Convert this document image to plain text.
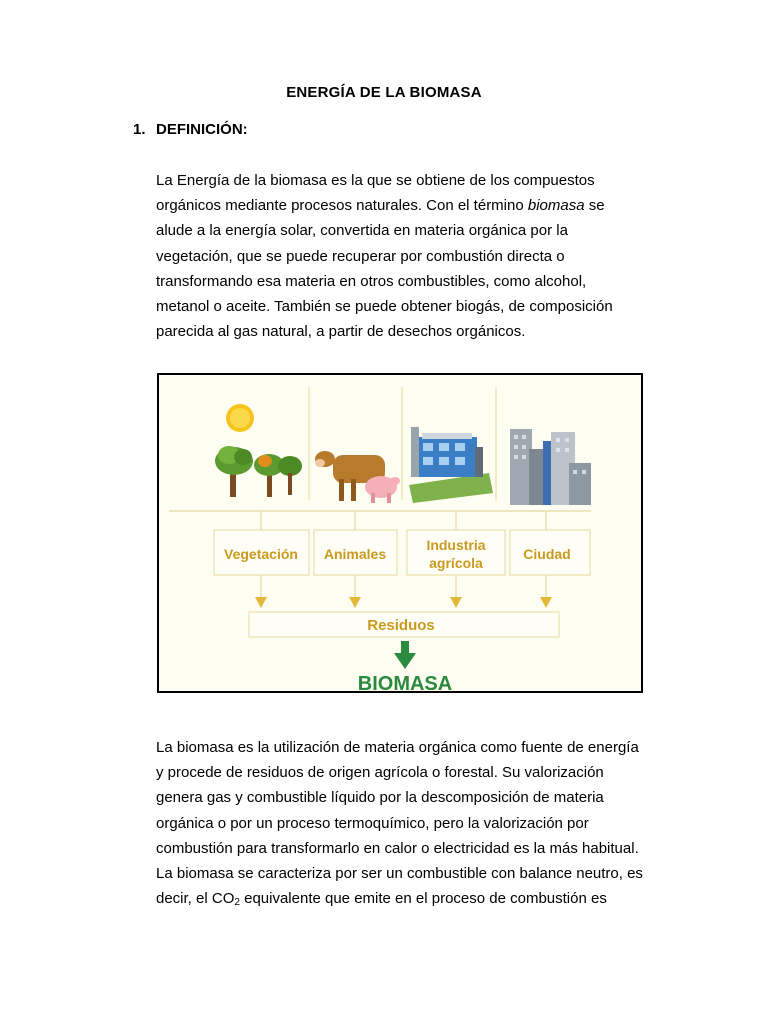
ENERGÍA DE LA BIOMASA
1. DEFINICIÓN:
La Energía de la biomasa es la que se obtiene de los compuestos
orgánicos mediante procesos naturales. Con el término biomasa se
alude a la energía solar, convertida en materia orgánica por la
vegetación, que se puede recuperar por combustión directa o
transformando esa materia en otros combustibles, como alcohol,
metanol o aceite. También se puede obtener biogás, de composición
parecida al gas natural, a partir de desechos orgánicos.
Vegetación Animales
Industria
agrícola
Ciudad
Residuos
BIOMASA
La biomasa es la utilización de materia orgánica como fuente de energía
y procede de residuos de origen agrícola o forestal. Su valorización
genera gas y combustible líquido por la descomposición de materia
orgánica o por un proceso termoquímico, pero la valorización por
combustión para transformarlo en calor o electricidad es la más habitual.
La biomasa se caracteriza por ser un combustible con balance neutro, es
decir, el $CO_2$ equivalente que emite en el proceso de combustión es
